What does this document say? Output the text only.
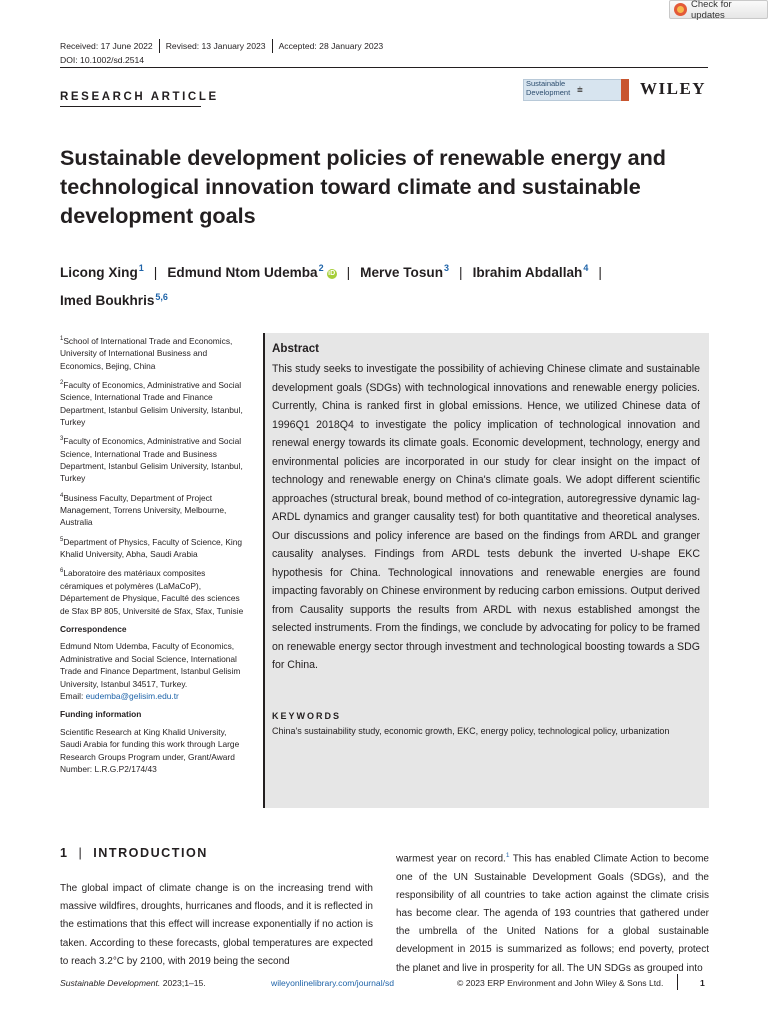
Check for updates
Received: 17 June 2022 Revised: 13 January 2023 Accepted: 28 January 2023
DOI: 10.1002/sd.2514
RESEARCH ARTICLE
Sustainable
Development ⩧	WILEY
Sustainable development policies of renewable energy and technological innovation toward climate and sustainable development goals
Licong Xing$^1$ | Edmund Ntom Udemba$^2$iD | Merve Tosun$^3$ | Ibrahim Abdallah$^4$ |
Imed Boukhris$^{5,6}$

$^1$School of International Trade and Economics, University of International Business and Economics, Bejing, China

$^2$Faculty of Economics, Administrative and Social Science, International Trade and Finance Department, Istanbul Gelisim University, Istanbul, Turkey

$^3$Faculty of Economics, Administrative and Social Science, International Trade and Business Department, Istanbul Gelisim University, Istanbul, Turkey

$^4$Business Faculty, Department of Project Management, Torrens University, Melbourne, Australia

$^5$Department of Physics, Faculty of Science, King Khalid University, Abha, Saudi Arabia

$^6$Laboratoire des matériaux composites céramiques et polymères (LaMaCoP), Département de Physique, Faculté des sciences de Sfax BP 805, Université de Sfax, Sfax, Tunisie

Correspondence

Edmund Ntom Udemba, Faculty of Economics, Administrative and Social Science, International Trade and Finance Department, Istanbul Gelisim University, Istanbul 34517, Turkey.
Email: eudemba@gelisim.edu.tr

Funding information

Scientific Research at King Khalid University, Saudi Arabia for funding this work through Large Research Groups Program under, Grant/Award Number: L.R.G.P2/174/43

Abstract
This study seeks to investigate the possibility of achieving Chinese climate and sustainable development goals (SDGs) with technological innovations and renewable energy policies. Currently, China is ranked first in global emissions. Hence, we utilized Chinese data of 1996Q1 2018Q4 to investigate the policy implication of technological innovation and renewal energy towards its climate goals. Economic development, technology, energy and environmental policies are incorporated in our study for clear insight on the impact of technology and renewable energy on China's climate goals. We adopt different scientific approaches (structural break, bound method of co-integration, autoregressive dynamic lag-ARDL dynamics and granger causality test) for both quantitative and theoretical analyses. Our discussions and policy inference are based on the findings from ARDL and granger causality analyses. Findings from ARDL tests debunk the inverted U-shape EKC hypothesis for China. Technological innovations and renewable energies are found impacting favorably on Chinese environment by reducing carbon emissions. Output derived from Causality supports the results from ARDL with nexus established amongst the selected instruments. From the findings, we conclude by advocating for policy to be framed on renewable energy sector through investment and technological boosting towards a SDG for China.
KEYWORDS
China's sustainability study, economic growth, EKC, energy policy, technological policy, urbanization
1 | INTRODUCTION
The global impact of climate change is on the increasing trend with massive wildfires, droughts, hurricanes and floods, and it is reflected in the estimations that this effect will increase exponentially if no action is taken. According to these forecasts, global temperatures are expected to reach 3.2°C by 2100, with 2019 being the second
warmest year on record.$^1$ This has enabled Climate Action to become one of the UN Sustainable Development Goals (SDGs), and the responsibility of all countries to take action against the climate crisis has become clear. The agenda of 193 countries that gathered under the umbrella of the United Nations for a global sustainable development in 2015 is summarized as follows; end poverty, protect the planet and live in prosperity for all. The UN SDGs as grouped into
Sustainable Development. 2023;1–15.	wileyonlinelibrary.com/journal/sd	© 2023 ERP Environment and John Wiley & Sons Ltd.	1
